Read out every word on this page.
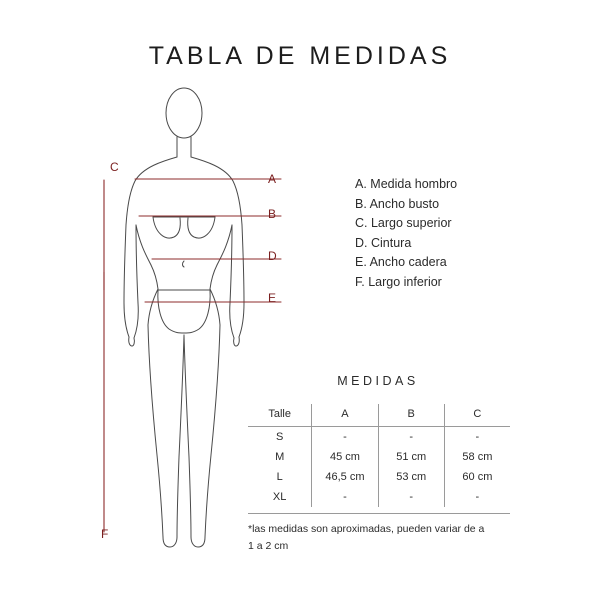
TABLA DE MEDIDAS
C
F
A
B
D
E
A. Medida hombro
B. Ancho busto
C. Largo superior
D. Cintura
E. Ancho cadera
F. Largo inferior
MEDIDAS
Talle	A	B	C
S	-	-	-
M	45 cm	51 cm	58 cm
L	46,5 cm	53 cm	60 cm
XL	-	-	-
*las medidas son aproximadas, pueden variar de a
1 a 2 cm
